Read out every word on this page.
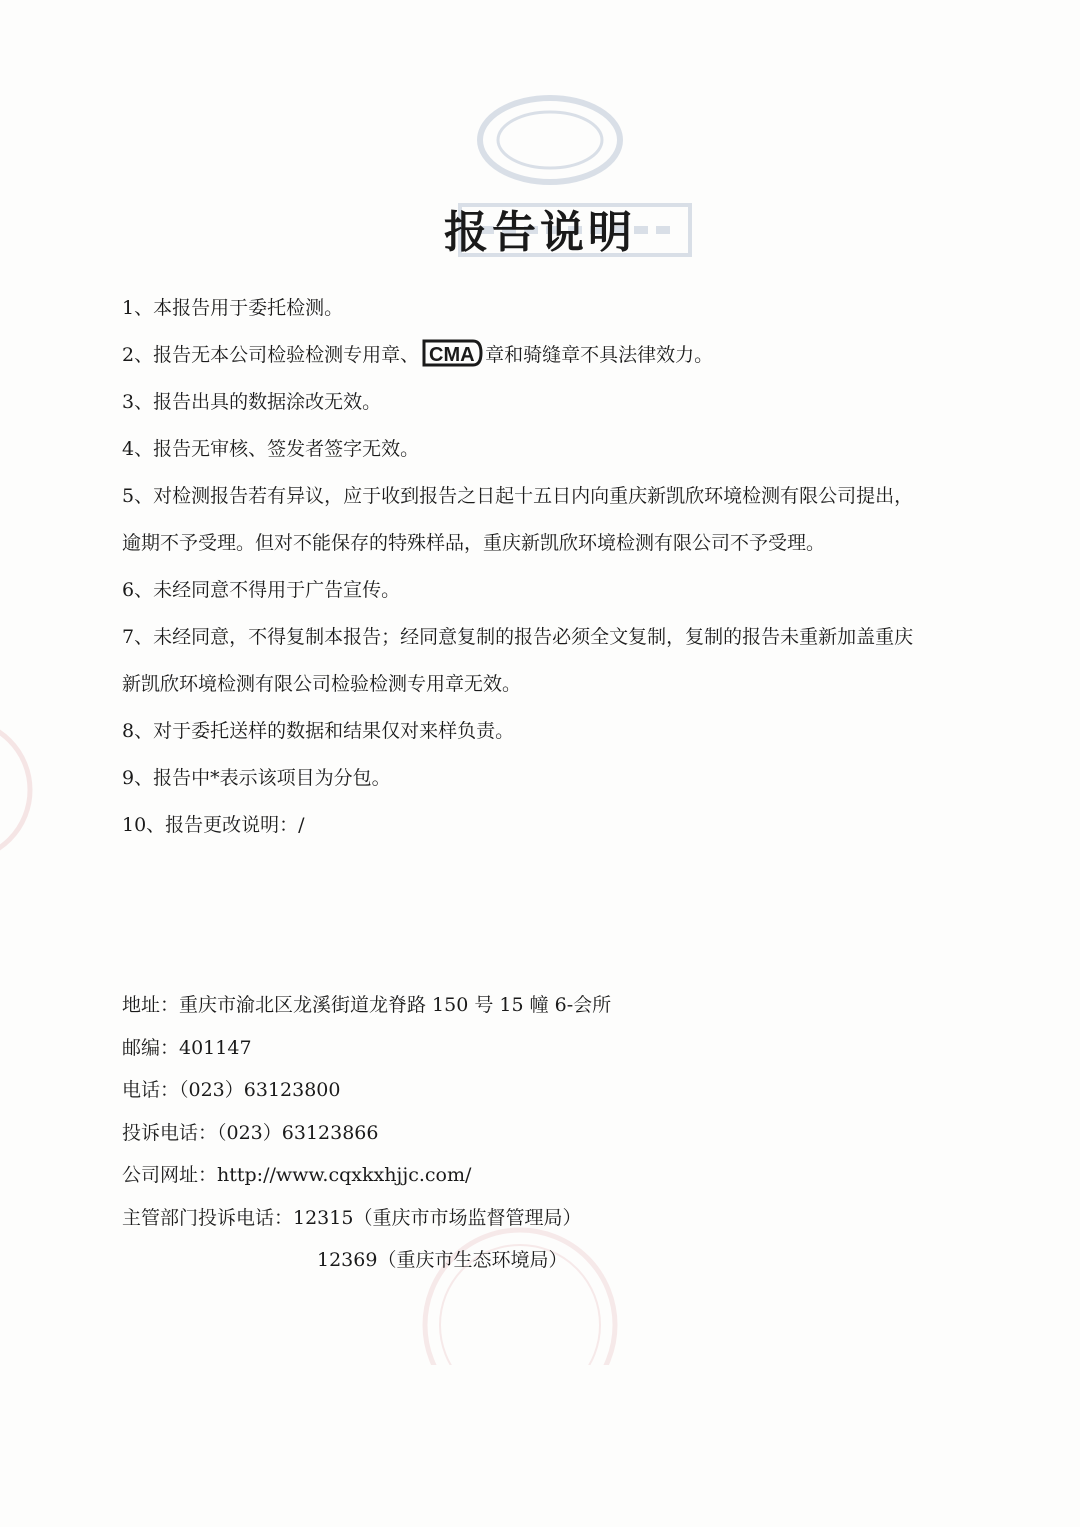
报告说明

1、本报告用于委托检测。

2、报告无本公司检验检测专用章、 CMA 章和骑缝章不具法律效力。

3、报告出具的数据涂改无效。

4、报告无审核、签发者签字无效。

5、对检测报告若有异议，应于收到报告之日起十五日内向重庆新凯欣环境检测有限公司提出，逾期不予受理。但对不能保存的特殊样品，重庆新凯欣环境检测有限公司不予受理。

6、未经同意不得用于广告宣传。

7、未经同意，不得复制本报告；经同意复制的报告必须全文复制，复制的报告未重新加盖重庆新凯欣环境检测有限公司检验检测专用章无效。

8、对于委托送样的数据和结果仅对来样负责。

9、报告中*表示该项目为分包。

10、报告更改说明：/

地址：重庆市渝北区龙溪街道龙脊路 150 号 15 幢 6-会所

邮编：401147

电话：（023）63123800

投诉电话：（023）63123866

公司网址：http://www.cqxkxhjjc.com/

主管部门投诉电话：12315（重庆市市场监督管理局）

12369（重庆市生态环境局）
